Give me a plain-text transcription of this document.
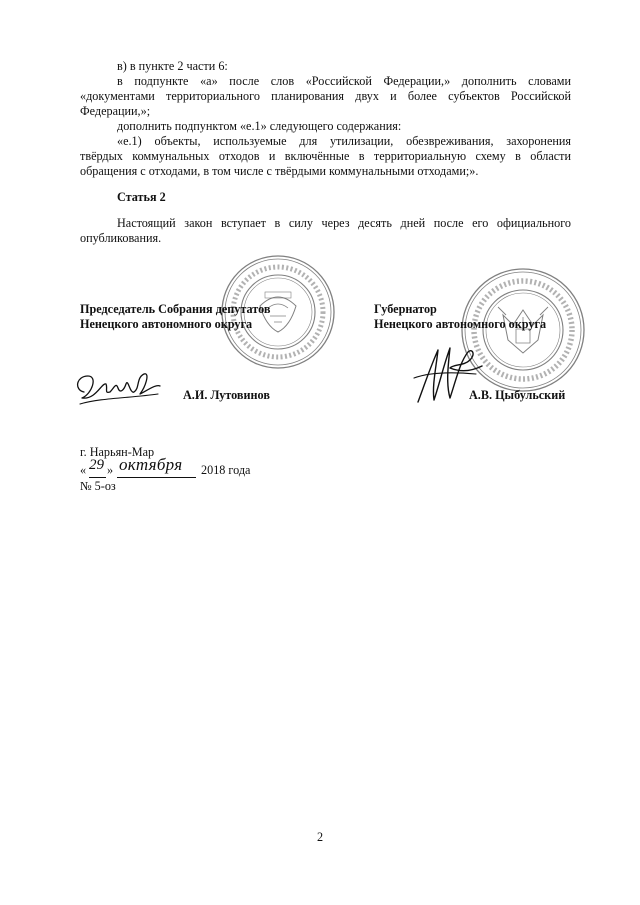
в) в пункте 2 части 6:
в подпункте «а» после слов «Российской Федерации,» дополнить словами
«документами территориального планирования двух и более субъектов Российской
Федерации,»;
дополнить подпунктом «е.1» следующего содержания:
«е.1) объекты, используемые для утилизации, обезвреживания, захоронения
твёрдых коммунальных отходов и включённые в территориальную схему в области
обращения с отходами, в том числе с твёрдыми коммунальными отходами;».
Статья 2
Настоящий закон вступает в силу через десять дней после его официального
опубликования.
Председатель Собрания депутатов
Ненецкого автономного округа
Губернатор
Ненецкого автономного округа
А.И. Лутовинов	А.В. Цыбульский
г. Нарьян-Мар
« 29 » октября 2018 года
№ 5-оз
2
